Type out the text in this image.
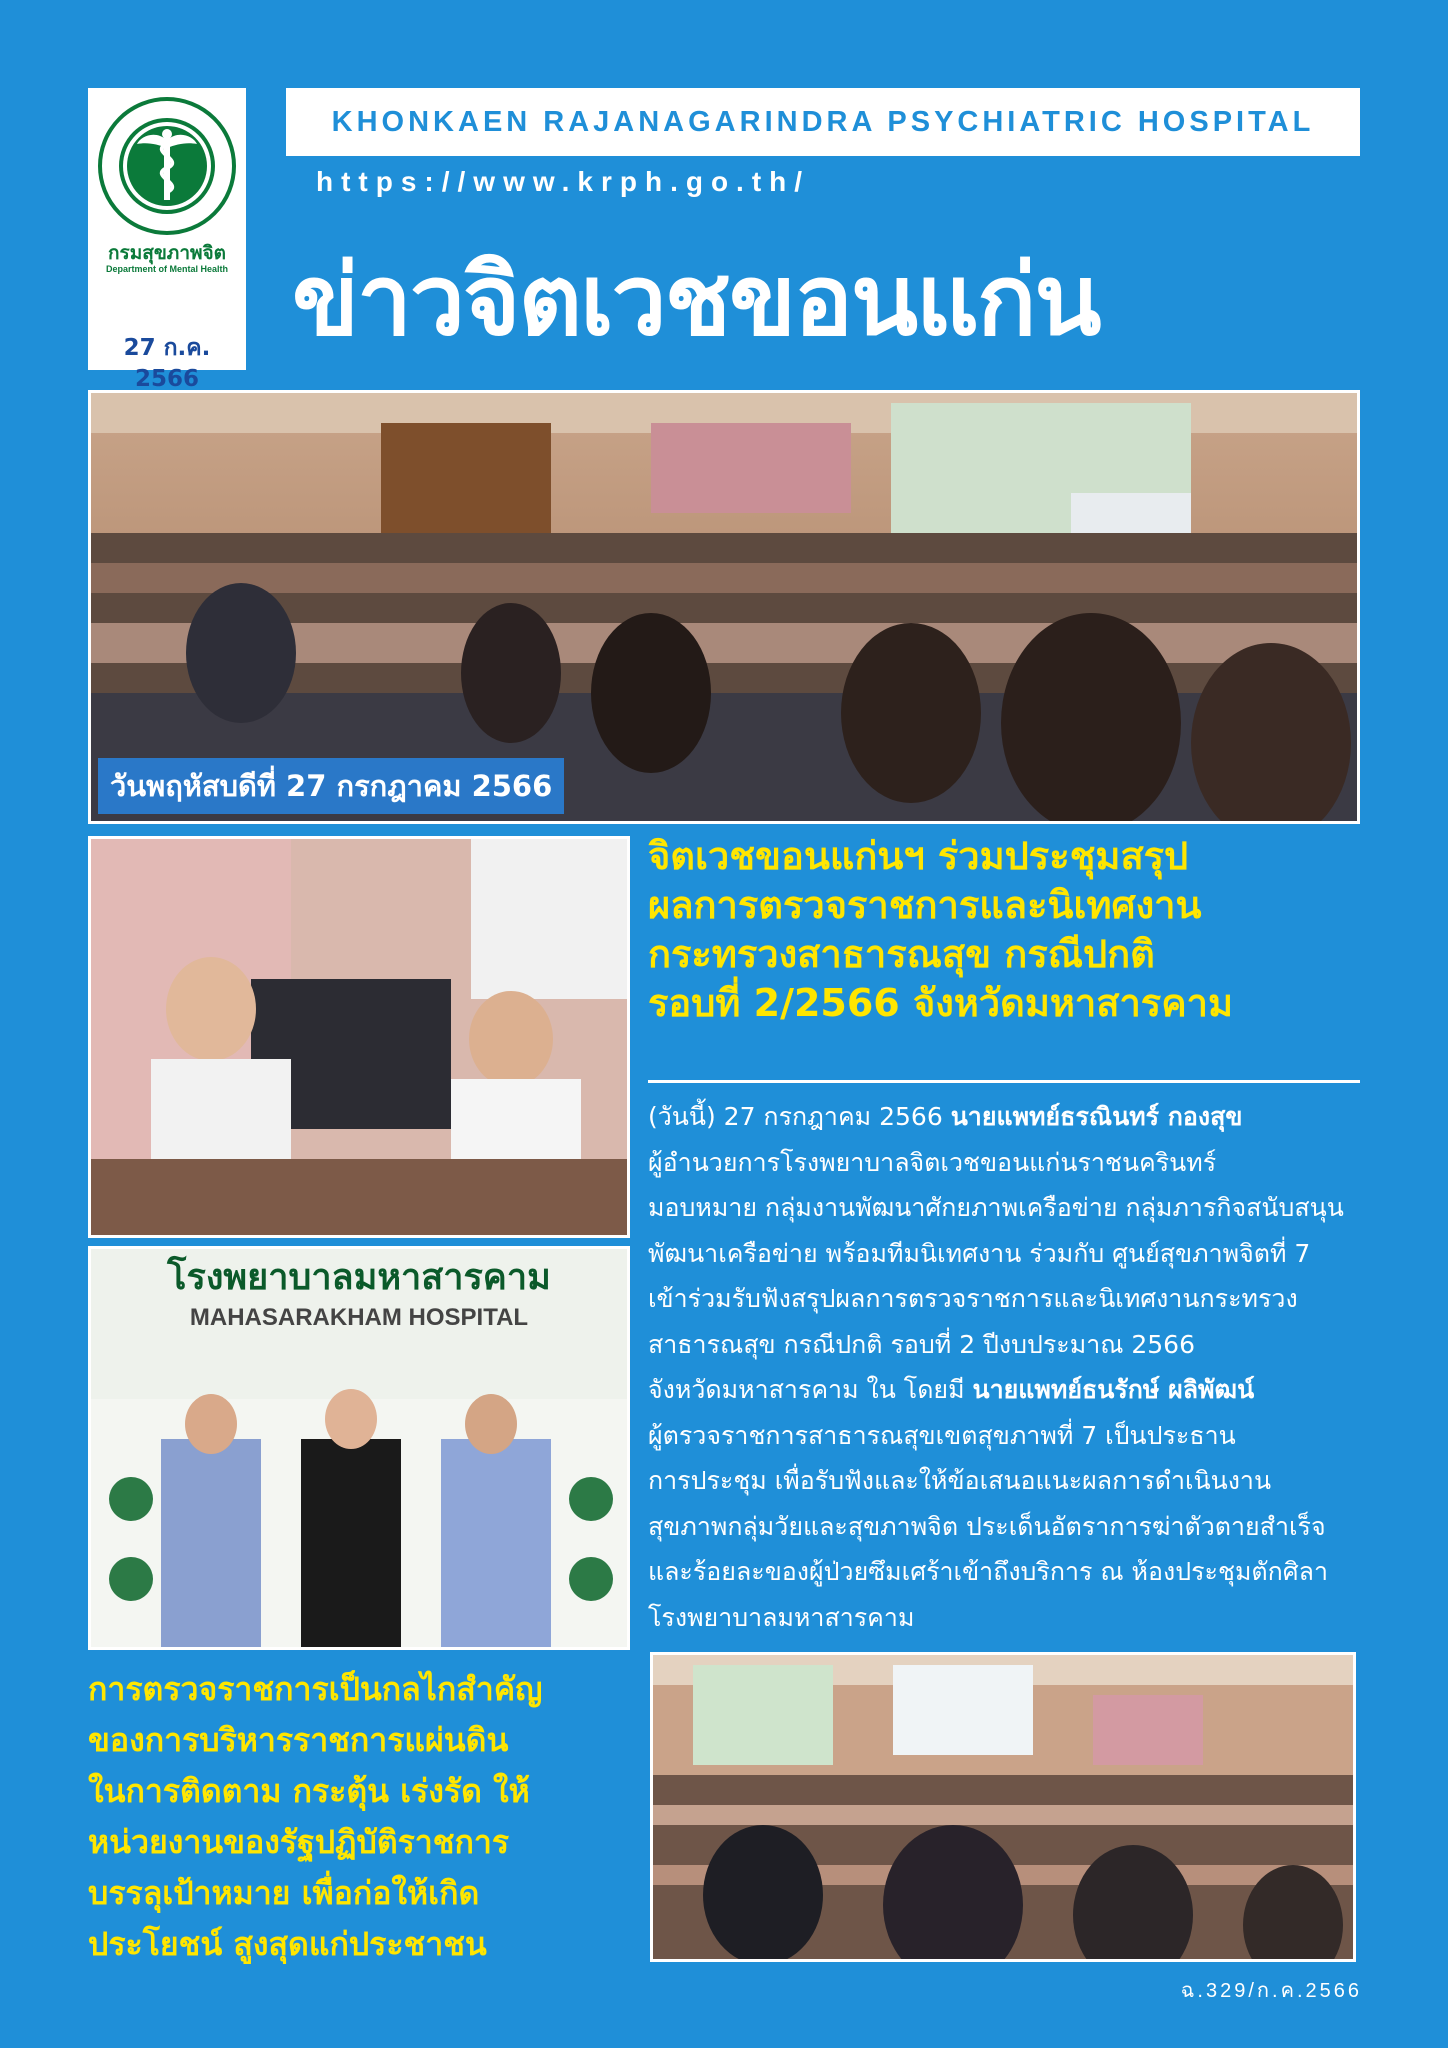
กรมสุขภาพจิต
Department of Mental Health
27 ก.ค. 2566
KHONKAEN RAJANAGARINDRA PSYCHIATRIC HOSPITAL
https://www.krph.go.th/
ข่าวจิตเวชขอนแก่น
วันพฤหัสบดีที่ 27 กรกฎาคม 2566
โรงพยาบาลมหาสารคาม
MAHASARAKHAM HOSPITAL
จิตเวชขอนแก่นฯ ร่วมประชุมสรุป
ผลการตรวจราชการและนิเทศงาน
กระทรวงสาธารณสุข กรณีปกติ
รอบที่ 2/2566 จังหวัดมหาสารคาม
(วันนี้) 27 กรกฎาคม 2566 นายแพทย์ธรณินทร์ กองสุข
ผู้อำนวยการโรงพยาบาลจิตเวชขอนแก่นราชนครินทร์
มอบหมาย กลุ่มงานพัฒนาศักยภาพเครือข่าย กลุ่มภารกิจสนับสนุน
พัฒนาเครือข่าย พร้อมทีมนิเทศงาน ร่วมกับ ศูนย์สุขภาพจิตที่ 7
เข้าร่วมรับฟังสรุปผลการตรวจราชการและนิเทศงานกระทรวง
สาธารณสุข กรณีปกติ รอบที่ 2 ปีงบประมาณ 2566
จังหวัดมหาสารคาม ใน โดยมี นายแพทย์ธนรักษ์ ผลิพัฒน์
ผู้ตรวจราชการสาธารณสุขเขตสุขภาพที่ 7 เป็นประธาน
การประชุม เพื่อรับฟังและให้ข้อเสนอแนะผลการดำเนินงาน
สุขภาพกลุ่มวัยและสุขภาพจิต ประเด็นอัตราการฆ่าตัวตายสำเร็จ
และร้อยละของผู้ป่วยซึมเศร้าเข้าถึงบริการ ณ ห้องประชุมตักศิลา
โรงพยาบาลมหาสารคาม
การตรวจราชการเป็นกลไกสำคัญ
ของการบริหารราชการแผ่นดิน
ในการติดตาม กระตุ้น เร่งรัด ให้
หน่วยงานของรัฐปฏิบัติราชการ
บรรลุเป้าหมาย เพื่อก่อให้เกิด
ประโยชน์ สูงสุดแก่ประชาชน
ฉ.329/ก.ค.2566
